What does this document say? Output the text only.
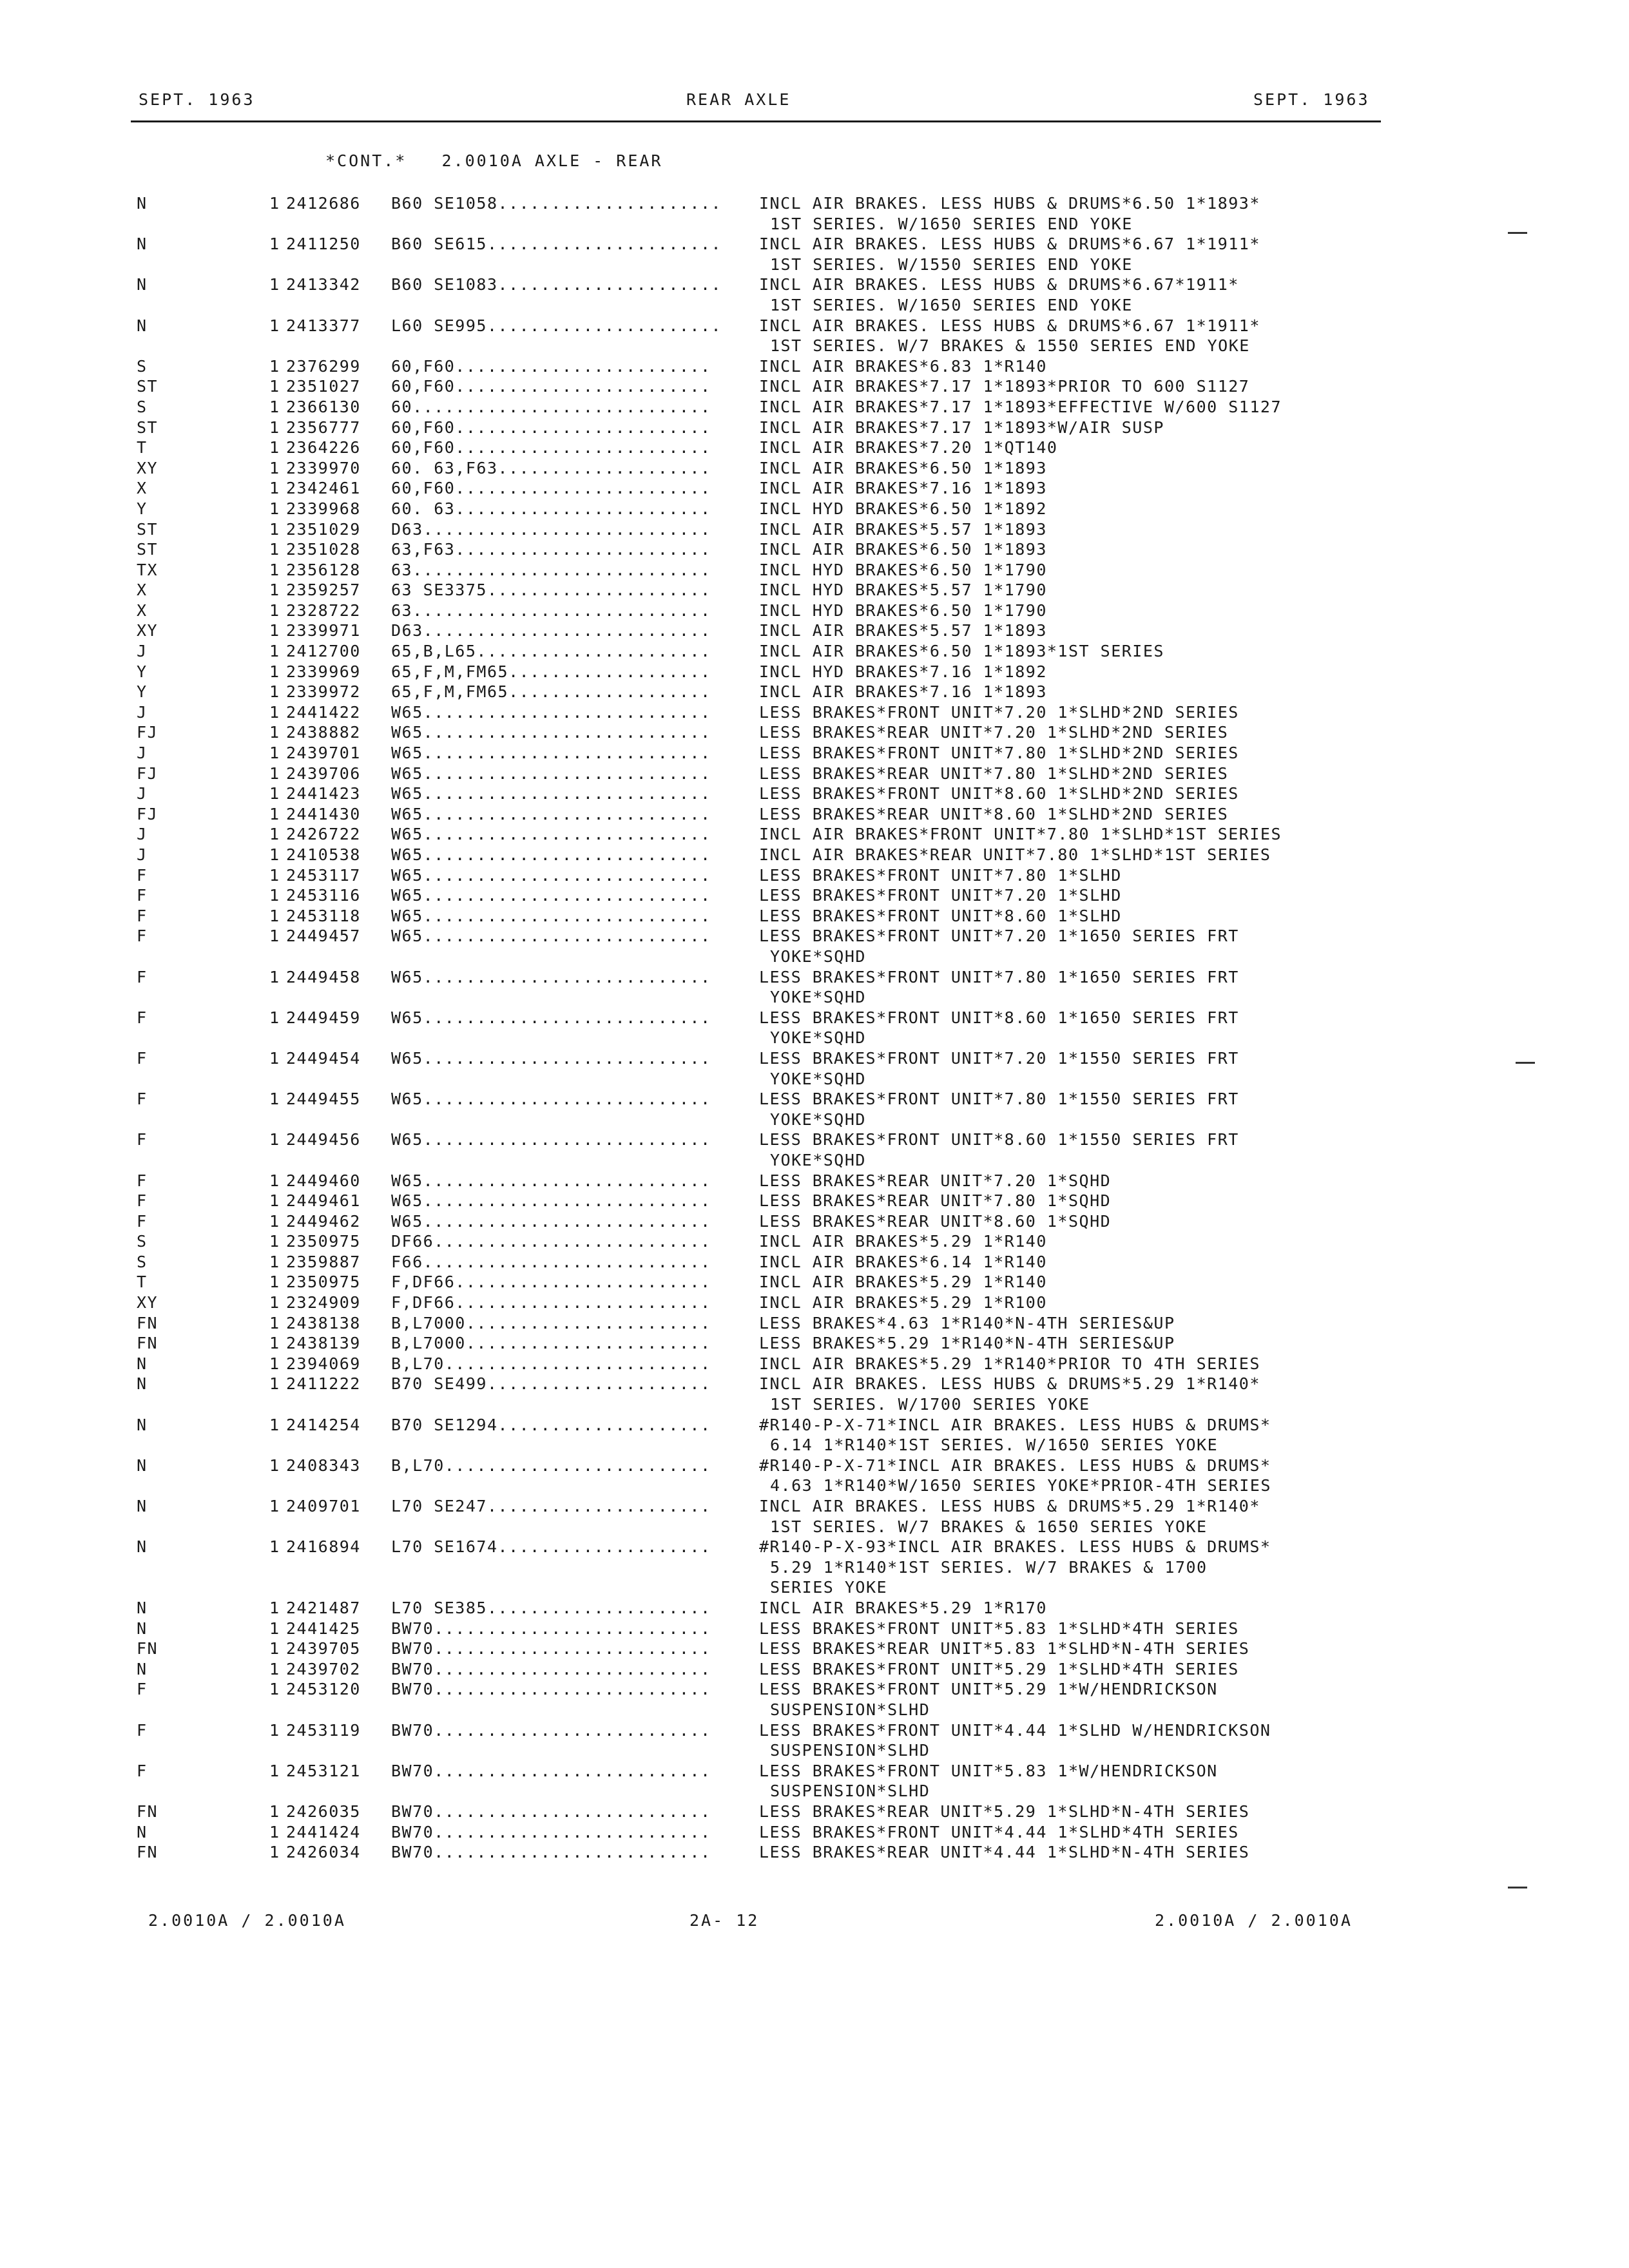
SEPT. 1963	REAR AXLE	SEPT. 1963
*CONT.*   2.0010A AXLE - REAR
N	1 2412686 B60 SE1058..................... INCL AIR BRAKES. LESS HUBS & DRUMS*6.50 1*1893*
1ST SERIES. W/1650 SERIES END YOKE
N	1 2411250 B60 SE615...................... INCL AIR BRAKES. LESS HUBS & DRUMS*6.67 1*1911*
1ST SERIES. W/1550 SERIES END YOKE
N	1 2413342 B60 SE1083..................... INCL AIR BRAKES. LESS HUBS & DRUMS*6.67*1911*
1ST SERIES. W/1650 SERIES END YOKE
N	1 2413377 L60 SE995...................... INCL AIR BRAKES. LESS HUBS & DRUMS*6.67 1*1911*
1ST SERIES. W/7 BRAKES & 1550 SERIES END YOKE
S	1 2376299 60,F60........................	INCL AIR BRAKES*6.83 1*R140
ST	1 2351027 60,F60........................	INCL AIR BRAKES*7.17 1*1893*PRIOR TO 600 S1127
S	1 2366130 60............................	INCL AIR BRAKES*7.17 1*1893*EFFECTIVE W/600 S1127
ST	1 2356777 60,F60........................	INCL AIR BRAKES*7.17 1*1893*W/AIR SUSP
T	1 2364226 60,F60........................	INCL AIR BRAKES*7.20 1*QT140
XY	1 2339970 60. 63,F63....................	INCL AIR BRAKES*6.50 1*1893
X	1 2342461 60,F60........................	INCL AIR BRAKES*7.16 1*1893
Y	1 2339968 60. 63........................	INCL HYD BRAKES*6.50 1*1892
ST	1 2351029 D63...........................	INCL AIR BRAKES*5.57 1*1893
ST	1 2351028 63,F63........................	INCL AIR BRAKES*6.50 1*1893
TX	1 2356128 63............................	INCL HYD BRAKES*6.50 1*1790
X	1 2359257 63 SE3375.....................	INCL HYD BRAKES*5.57 1*1790
X	1 2328722 63............................	INCL HYD BRAKES*6.50 1*1790
XY	1 2339971 D63...........................	INCL AIR BRAKES*5.57 1*1893
J	1 2412700 65,B,L65......................	INCL AIR BRAKES*6.50 1*1893*1ST SERIES
Y	1 2339969 65,F,M,FM65...................	INCL HYD BRAKES*7.16 1*1892
Y	1 2339972 65,F,M,FM65...................	INCL AIR BRAKES*7.16 1*1893
J	1 2441422 W65...........................	LESS BRAKES*FRONT UNIT*7.20 1*SLHD*2ND SERIES
FJ	1 2438882 W65...........................	LESS BRAKES*REAR UNIT*7.20 1*SLHD*2ND SERIES
J	1 2439701 W65...........................	LESS BRAKES*FRONT UNIT*7.80 1*SLHD*2ND SERIES
FJ	1 2439706 W65...........................	LESS BRAKES*REAR UNIT*7.80 1*SLHD*2ND SERIES
J	1 2441423 W65...........................	LESS BRAKES*FRONT UNIT*8.60 1*SLHD*2ND SERIES
FJ	1 2441430 W65...........................	LESS BRAKES*REAR UNIT*8.60 1*SLHD*2ND SERIES
J	1 2426722 W65...........................	INCL AIR BRAKES*FRONT UNIT*7.80 1*SLHD*1ST SERIES
J	1 2410538 W65...........................	INCL AIR BRAKES*REAR UNIT*7.80 1*SLHD*1ST SERIES
F	1 2453117 W65...........................	LESS BRAKES*FRONT UNIT*7.80 1*SLHD
F	1 2453116 W65...........................	LESS BRAKES*FRONT UNIT*7.20 1*SLHD
F	1 2453118 W65...........................	LESS BRAKES*FRONT UNIT*8.60 1*SLHD
F	1 2449457 W65...........................	LESS BRAKES*FRONT UNIT*7.20 1*1650 SERIES FRT
YOKE*SQHD
F	1 2449458 W65...........................	LESS BRAKES*FRONT UNIT*7.80 1*1650 SERIES FRT
YOKE*SQHD
F	1 2449459 W65...........................	LESS BRAKES*FRONT UNIT*8.60 1*1650 SERIES FRT
YOKE*SQHD
F	1 2449454 W65...........................	LESS BRAKES*FRONT UNIT*7.20 1*1550 SERIES FRT
YOKE*SQHD
F	1 2449455 W65...........................	LESS BRAKES*FRONT UNIT*7.80 1*1550 SERIES FRT
YOKE*SQHD
F	1 2449456 W65...........................	LESS BRAKES*FRONT UNIT*8.60 1*1550 SERIES FRT
YOKE*SQHD
F	1 2449460 W65...........................	LESS BRAKES*REAR UNIT*7.20 1*SQHD
F	1 2449461 W65...........................	LESS BRAKES*REAR UNIT*7.80 1*SQHD
F	1 2449462 W65...........................	LESS BRAKES*REAR UNIT*8.60 1*SQHD
S	1 2350975 DF66..........................	INCL AIR BRAKES*5.29 1*R140
S	1 2359887 F66...........................	INCL AIR BRAKES*6.14 1*R140
T	1 2350975 F,DF66........................	INCL AIR BRAKES*5.29 1*R140
XY	1 2324909 F,DF66........................	INCL AIR BRAKES*5.29 1*R100
FN	1 2438138 B,L7000.......................	LESS BRAKES*4.63 1*R140*N-4TH SERIES&UP
FN	1 2438139 B,L7000.......................	LESS BRAKES*5.29 1*R140*N-4TH SERIES&UP
N	1 2394069 B,L70.........................	INCL AIR BRAKES*5.29 1*R140*PRIOR TO 4TH SERIES
N	1 2411222 B70 SE499.....................	INCL AIR BRAKES. LESS HUBS & DRUMS*5.29 1*R140*
1ST SERIES. W/1700 SERIES YOKE
N	1 2414254 B70 SE1294....................	#R140-P-X-71*INCL AIR BRAKES. LESS HUBS & DRUMS*
6.14 1*R140*1ST SERIES. W/1650 SERIES YOKE
N	1 2408343 B,L70.........................	#R140-P-X-71*INCL AIR BRAKES. LESS HUBS & DRUMS*
4.63 1*R140*W/1650 SERIES YOKE*PRIOR-4TH SERIES
N	1 2409701 L70 SE247.....................	INCL AIR BRAKES. LESS HUBS & DRUMS*5.29 1*R140*
1ST SERIES. W/7 BRAKES & 1650 SERIES YOKE
N	1 2416894 L70 SE1674....................	#R140-P-X-93*INCL AIR BRAKES. LESS HUBS & DRUMS*
5.29 1*R140*1ST SERIES. W/7 BRAKES & 1700
SERIES YOKE
N	1 2421487 L70 SE385.....................	INCL AIR BRAKES*5.29 1*R170
N	1 2441425 BW70..........................	LESS BRAKES*FRONT UNIT*5.83 1*SLHD*4TH SERIES
FN	1 2439705 BW70..........................	LESS BRAKES*REAR UNIT*5.83 1*SLHD*N-4TH SERIES
N	1 2439702 BW70..........................	LESS BRAKES*FRONT UNIT*5.29 1*SLHD*4TH SERIES
F	1 2453120 BW70..........................	LESS BRAKES*FRONT UNIT*5.29 1*W/HENDRICKSON
SUSPENSION*SLHD
F	1 2453119 BW70..........................	LESS BRAKES*FRONT UNIT*4.44 1*SLHD W/HENDRICKSON
SUSPENSION*SLHD
F	1 2453121 BW70..........................	LESS BRAKES*FRONT UNIT*5.83 1*W/HENDRICKSON
SUSPENSION*SLHD
FN	1 2426035 BW70..........................	LESS BRAKES*REAR UNIT*5.29 1*SLHD*N-4TH SERIES
N	1 2441424 BW70..........................	LESS BRAKES*FRONT UNIT*4.44 1*SLHD*4TH SERIES
FN	1 2426034 BW70..........................	LESS BRAKES*REAR UNIT*4.44 1*SLHD*N-4TH SERIES
2.0010A / 2.0010A	2A- 12	2.0010A / 2.0010A
